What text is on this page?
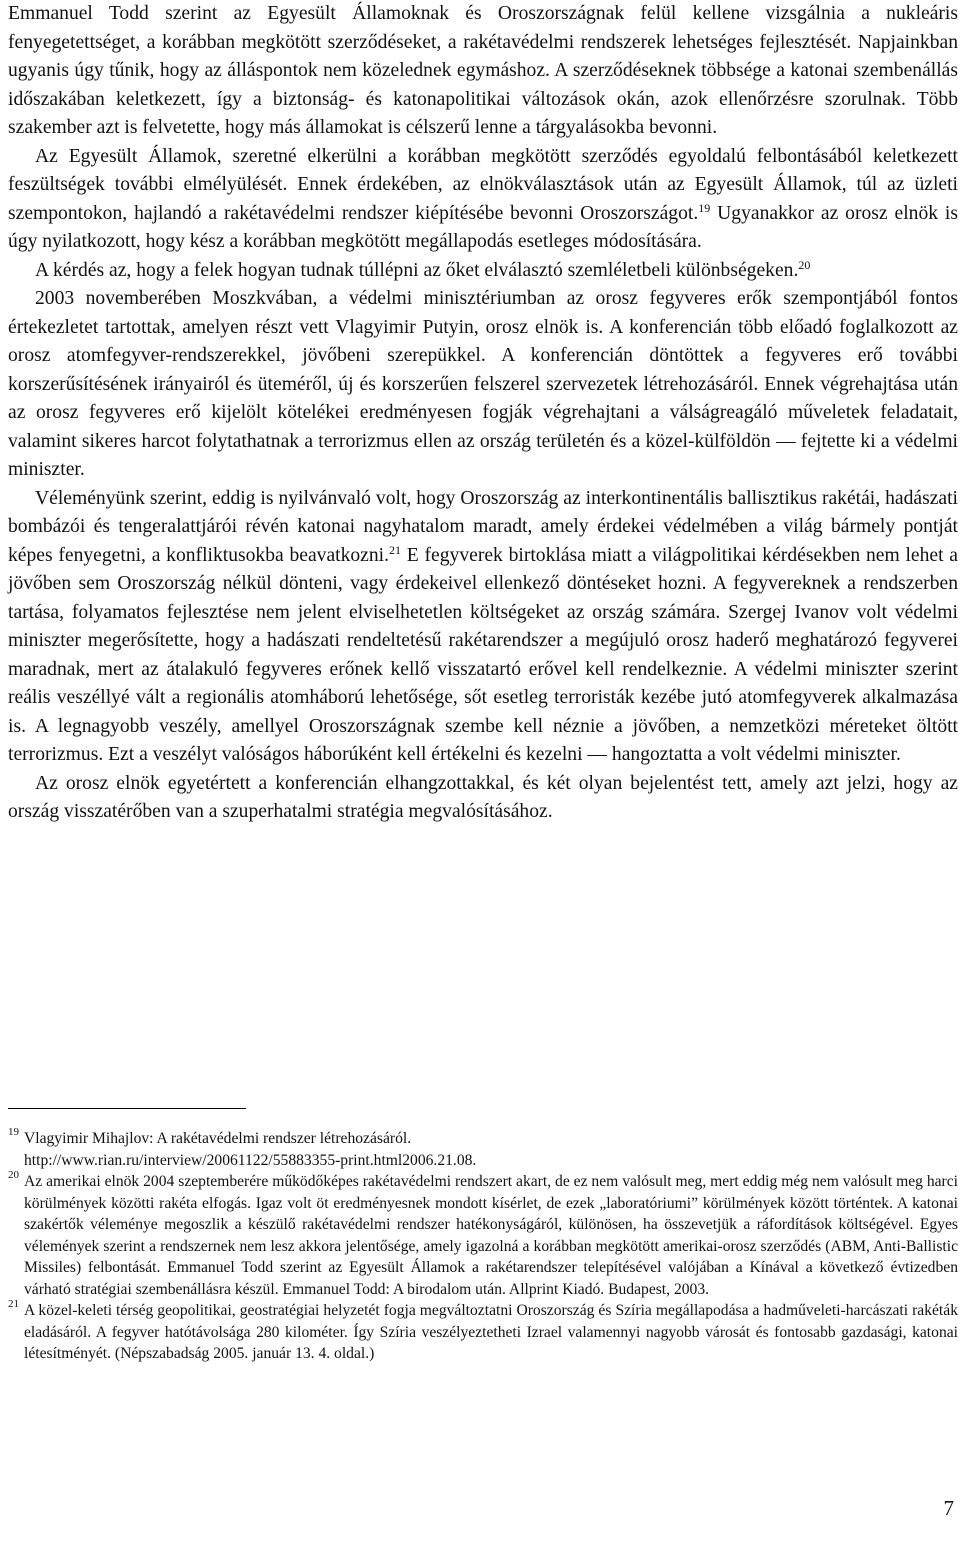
Emmanuel Todd szerint az Egyesült Államoknak és Oroszországnak felül kellene vizsgálnia a nukleáris fenyegetettséget, a korábban megkötött szerződéseket, a rakétavédelmi rendszerek lehetséges fejlesztését. Napjainkban ugyanis úgy tűnik, hogy az álláspontok nem közelednek egymáshoz. A szerződéseknek többsége a katonai szembenállás időszakában keletkezett, így a biztonság- és katonapolitikai változások okán, azok ellenőrzésre szorulnak. Több szakember azt is felvetette, hogy más államokat is célszerű lenne a tárgyalásokba bevonni.

Az Egyesült Államok, szeretné elkerülni a korábban megkötött szerződés egyoldalú felbontásából keletkezett feszültségek további elmélyülését. Ennek érdekében, az elnökválasztások után az Egyesült Államok, túl az üzleti szempontokon, hajlandó a rakétavédelmi rendszer kiépítésébe bevonni Oroszországot.$^{19}$ Ugyanakkor az orosz elnök is úgy nyilatkozott, hogy kész a korábban megkötött megállapodás esetleges módosítására.

A kérdés az, hogy a felek hogyan tudnak túllépni az őket elválasztó szemléletbeli különbségeken.$^{20}$

2003 novemberében Moszkvában, a védelmi minisztériumban az orosz fegyveres erők szempontjából fontos értekezletet tartottak, amelyen részt vett Vlagyimir Putyin, orosz elnök is. A konferencián több előadó foglalkozott az orosz atomfegyver-rendszerekkel, jövőbeni szerepükkel. A konferencián döntöttek a fegyveres erő további korszerűsítésének irányairól és üteméről, új és korszerűen felszerel szervezetek létrehozásáról. Ennek végrehajtása után az orosz fegyveres erő kijelölt kötelékei eredményesen fogják végrehajtani a válságreagáló műveletek feladatait, valamint sikeres harcot folytathatnak a terrorizmus ellen az ország területén és a közel-külföldön — fejtette ki a védelmi miniszter.

Véleményünk szerint, eddig is nyilvánvaló volt, hogy Oroszország az interkontinentális ballisztikus rakétái, hadászati bombázói és tengeralattjárói révén katonai nagyhatalom maradt, amely érdekei védelmében a világ bármely pontját képes fenyegetni, a konfliktusokba beavatkozni.$^{21}$ E fegyverek birtoklása miatt a világpolitikai kérdésekben nem lehet a jövőben sem Oroszország nélkül dönteni, vagy érdekeivel ellenkező döntéseket hozni. A fegyvereknek a rendszerben tartása, folyamatos fejlesztése nem jelent elviselhetetlen költségeket az ország számára. Szergej Ivanov volt védelmi miniszter megerősítette, hogy a hadászati rendeltetésű rakétarendszer a megújuló orosz haderő meghatározó fegyverei maradnak, mert az átalakuló fegyveres erőnek kellő visszatartó erővel kell rendelkeznie. A védelmi miniszter szerint reális veszéllyé vált a regionális atomháború lehetősége, sőt esetleg terroristák kezébe jutó atomfegyverek alkalmazása is. A legnagyobb veszély, amellyel Oroszországnak szembe kell néznie a jövőben, a nemzetközi méreteket öltött terrorizmus. Ezt a veszélyt valóságos háborúként kell értékelni és kezelni — hangoztatta a volt védelmi miniszter.

Az orosz elnök egyetértett a konferencián elhangzottakkal, és két olyan bejelentést tett, amely azt jelzi, hogy az ország visszatérőben van a szuperhatalmi stratégia megvalósításához.

19 Vlagyimir Mihajlov: A rakétavédelmi rendszer létrehozásáról.
http://www.rian.ru/interview/20061122/55883355-print.html2006.21.08.
20 Az amerikai elnök 2004 szeptemberére működőképes rakétavédelmi rendszert akart, de ez nem valósult meg, mert eddig még nem valósult meg harci körülmények közötti rakéta elfogás. Igaz volt öt eredményesnek mondott kísérlet, de ezek „laboratóriumi” körülmények között történtek. A katonai szakértők véleménye megoszlik a készülő rakétavédelmi rendszer hatékonyságáról, különösen, ha összevetjük a ráfordítások költségével. Egyes vélemények szerint a rendszernek nem lesz akkora jelentősége, amely igazolná a korábban megkötött amerikai-orosz szerződés (ABM, Anti-Ballistic Missiles) felbontását. Emmanuel Todd szerint az Egyesült Államok a rakétarendszer telepítésével valójában a Kínával a következő évtizedben várható stratégiai szembenállásra készül. Emmanuel Todd: A birodalom után. Allprint Kiadó. Budapest, 2003.
21 A közel-keleti térség geopolitikai, geostratégiai helyzetét fogja megváltoztatni Oroszország és Szíria megállapodása a hadműveleti-harcászati rakéták eladásáról. A fegyver hatótávolsága 280 kilométer. Így Szíria veszélyeztetheti Izrael valamennyi nagyobb városát és fontosabb gazdasági, katonai létesítményét. (Népszabadság 2005. január 13. 4. oldal.)
7
